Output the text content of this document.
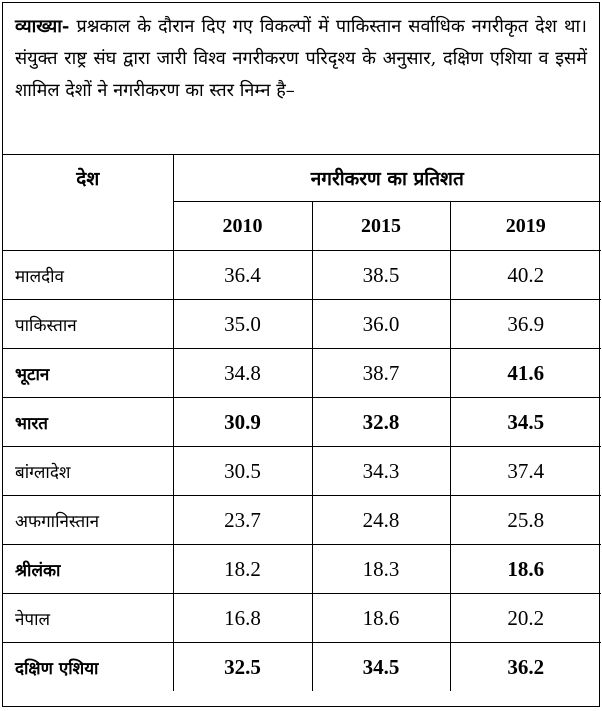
व्याख्या- प्रश्नकाल के दौरान दिए गए विकल्पों में पाकिस्तान सर्वाधिक नगरीकृत देश था। संयुक्त राष्ट्र संघ द्वारा जारी विश्व नगरीकरण परिदृश्य के अनुसार, दक्षिण एशिया व इसमें शामिल देशों ने नगरीकरण का स्तर निम्न है–
देश	नगरीकरण का प्रतिशत		
	2010	2015	2019
मालदीव	36.4	38.5	40.2
पाकिस्तान	35.0	36.0	36.9
भूटान	34.8	38.7	41.6
भारत	30.9	32.8	34.5
बांग्लादेश	30.5	34.3	37.4
अफगानिस्तान	23.7	24.8	25.8
श्रीलंका	18.2	18.3	18.6
नेपाल	16.8	18.6	20.2
दक्षिण एशिया	32.5	34.5	36.2
